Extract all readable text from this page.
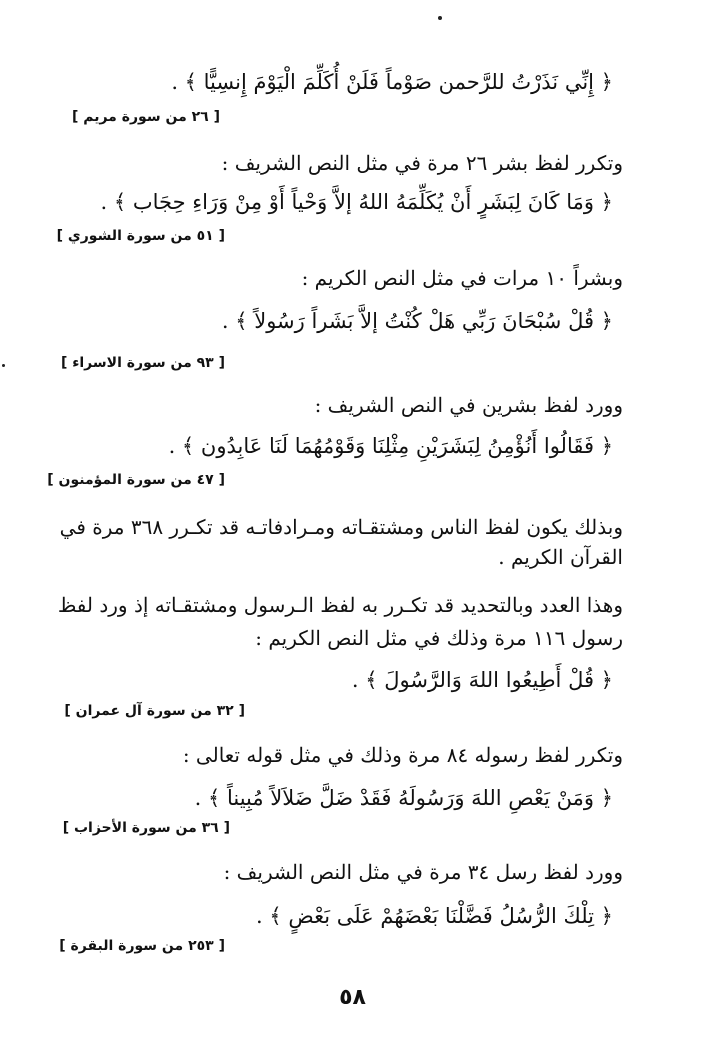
﴿ إِنِّي نَذَرْتُ للرَّحمن صَوْماً فَلَنْ أُكَلِّمَ الْيَوْمَ إِنسِيًّا ﴾ .
[ ٢٦ من سورة مريم ]
وتكرر لفظ بشر ٢٦ مرة في مثل النص الشريف :
﴿ وَمَا كَانَ لِبَشَرٍ أَنْ يُكَلِّمَهُ اللهُ إلاَّ وَحْياً أَوْ مِنْ وَرَاءِ حِجَاب ﴾ .
[ ٥١ من سورة الشوري ]
وبشراً ١٠ مرات في مثل النص الكريم :
﴿ قُلْ سُبْحَانَ رَبِّي هَلْ كُنْتُ إلاَّ بَشَراً رَسُولاً ﴾ .
[ ٩٣ من سورة الاسراء ]
وورد لفظ بشرين في النص الشريف :
﴿ فَقَالُوا أَنُؤْمِنُ لِبَشَرَيْنِ مِثْلِنَا وَقَوْمُهُمَا لَنَا عَابِدُون ﴾ .
[ ٤٧ من سورة المؤمنون ]
وبذلك يكون لفظ الناس ومشتقـاته ومـرادفاتـه قد تكـرر ٣٦٨ مرة في
القرآن الكريم .
وهذا العدد وبالتحديد قد تكـرر به لفظ الـرسول ومشتقـاته إذ ورد لفظ
رسول ١١٦ مرة وذلك في مثل النص الكريم :
﴿ قُلْ أَطِيعُوا اللهَ وَالرَّسُولَ ﴾ .
[ ٣٢ من سورة آل عمران ]
وتكرر لفظ رسوله ٨٤ مرة وذلك في مثل قوله تعالى :
﴿ وَمَنْ يَعْصِ اللهَ وَرَسُولَهُ فَقَدْ ضَلَّ ضَلاَلاً مُبِيناً ﴾ .
[ ٣٦ من سورة الأحزاب ]
وورد لفظ رسل ٣٤ مرة في مثل النص الشريف :
﴿ تِلْكَ الرُّسُلُ فَضَّلْنَا بَعْضَهُمْ عَلَى بَعْضٍ ﴾ .
[ ٢٥٣ من سورة البقرة ]
٥٨
